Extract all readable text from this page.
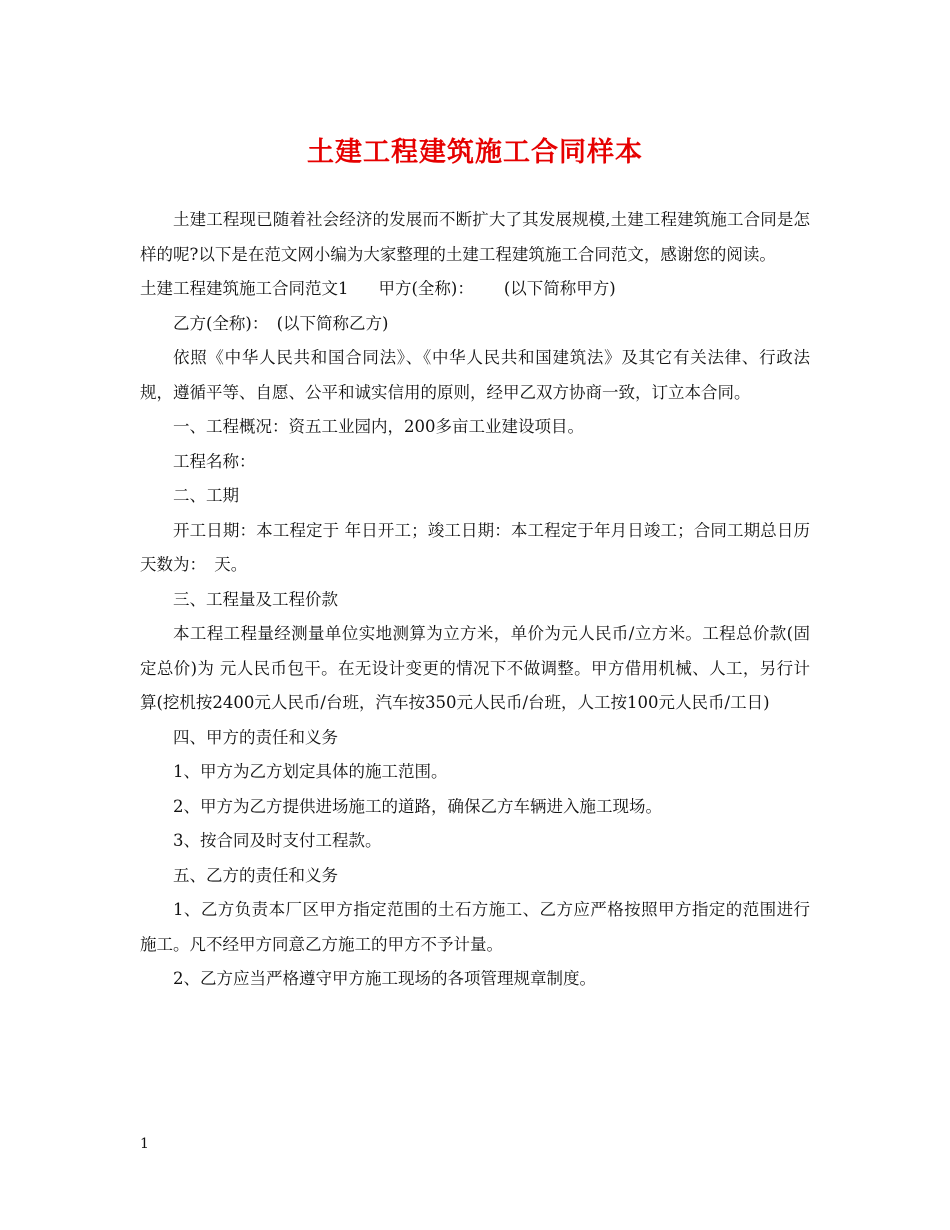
土建工程建筑施工合同样本

土建工程现已随着社会经济的发展而不断扩大了其发展规模,土建工程建筑施工合同是怎样的呢?以下是在范文网小编为大家整理的土建工程建筑施工合同范文，感谢您的阅读。

土建工程建筑施工合同范文1 甲方(全称)： (以下简称甲方)

乙方(全称)：　(以下简称乙方)

依照《中华人民共和国合同法》、《中华人民共和国建筑法》及其它有关法律、行政法规，遵循平等、自愿、公平和诚实信用的原则，经甲乙双方协商一致，订立本合同。

一、工程概况：资五工业园内，200多亩工业建设项目。

工程名称：

二、工期

开工日期：本工程定于 年日开工；竣工日期：本工程定于年月日竣工；合同工期总日历天数为：　天。

三、工程量及工程价款

本工程工程量经测量单位实地测算为立方米，单价为元人民币/立方米。工程总价款(固定总价)为 元人民币包干。在无设计变更的情况下不做调整。甲方借用机械、人工，另行计算(挖机按2400元人民币/台班，汽车按350元人民币/台班，人工按100元人民币/工日)

四、甲方的责任和义务

1、甲方为乙方划定具体的施工范围。

2、甲方为乙方提供进场施工的道路，确保乙方车辆进入施工现场。

3、按合同及时支付工程款。

五、乙方的责任和义务

1、乙方负责本厂区甲方指定范围的土石方施工、乙方应严格按照甲方指定的范围进行施工。凡不经甲方同意乙方施工的甲方不予计量。

2、乙方应当严格遵守甲方施工现场的各项管理规章制度。

1
